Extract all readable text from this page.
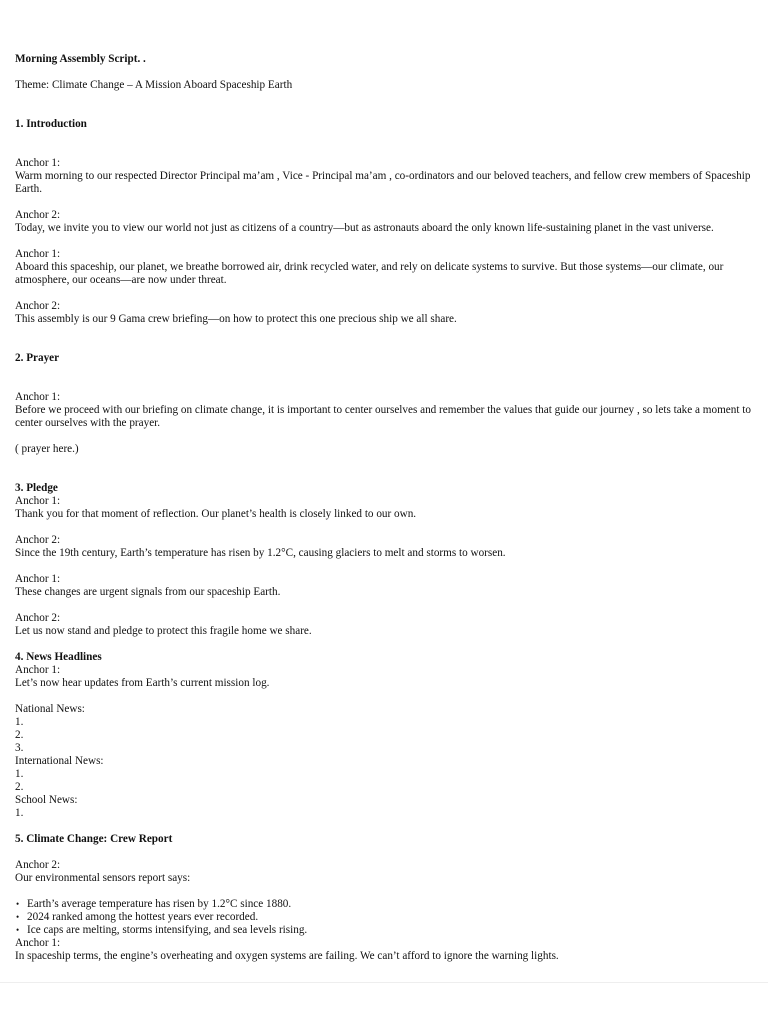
Morning Assembly Script. .

Theme: Climate Change – A Mission Aboard Spaceship Earth

1. Introduction

Anchor 1:

Warm morning to our respected Director Principal ma’am , Vice - Principal ma’am , co-ordinators and our beloved teachers, and fellow crew members of Spaceship Earth.

Anchor 2:

Today, we invite you to view our world not just as citizens of a country—but as astronauts aboard the only known life-sustaining planet in the vast universe.

Anchor 1:

Aboard this spaceship, our planet, we breathe borrowed air, drink recycled water, and rely on delicate systems to survive. But those systems—our climate, our atmosphere, our oceans—are now under threat.

Anchor 2:

This assembly is our 9 Gama crew briefing—on how to protect this one precious ship we all share.

2. Prayer

Anchor 1:

Before we proceed with our briefing on climate change, it is important to center ourselves and remember the values that guide our journey , so lets take a moment to center ourselves with the prayer.

( prayer here.)

3. Pledge

Anchor 1:

Thank you for that moment of reflection. Our planet’s health is closely linked to our own.

Anchor 2:

Since the 19th century, Earth’s temperature has risen by 1.2°C, causing glaciers to melt and storms to worsen.

Anchor 1:

These changes are urgent signals from our spaceship Earth.

Anchor 2:

Let us now stand and pledge to protect this fragile home we share.

4. News Headlines

Anchor 1:

Let’s now hear updates from Earth’s current mission log.

National News:

1.

2.

3.

International News:

1.

2.

School News:

1.

5. Climate Change: Crew Report

Anchor 2:

Our environmental sensors report says:

• Earth’s average temperature has risen by 1.2°C since 1880.
• 2024 ranked among the hottest years ever recorded.
• Ice caps are melting, storms intensifying, and sea levels rising.

Anchor 1:

In spaceship terms, the engine’s overheating and oxygen systems are failing. We can’t afford to ignore the warning lights.
